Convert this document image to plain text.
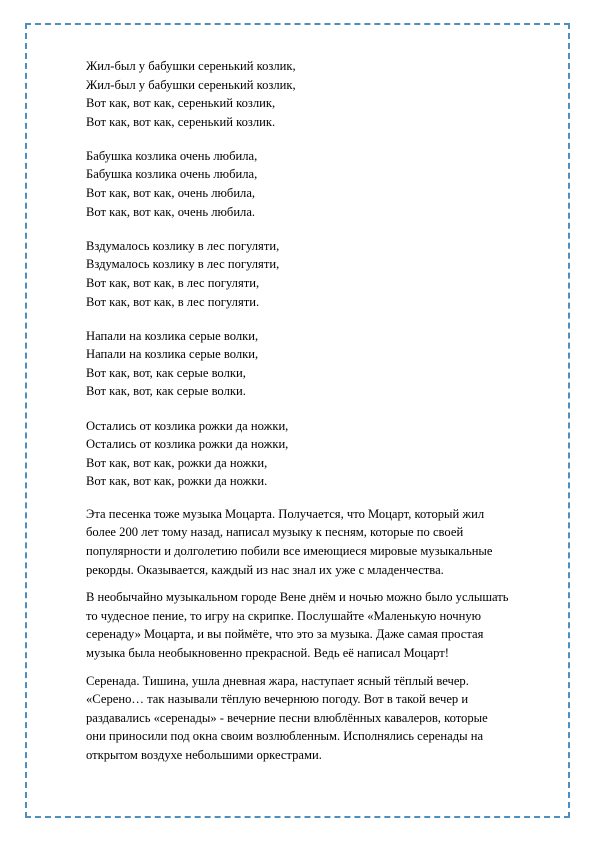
Жил-был у бабушки серенький козлик,
Жил-был у бабушки серенький козлик,
Вот как, вот как, серенький козлик,
Вот как, вот как, серенький козлик.
Бабушка козлика очень любила,
Бабушка козлика очень любила,
Вот как, вот как, очень любила,
Вот как, вот как, очень любила.
Вздумалось козлику в лес погуляти,
Вздумалось козлику в лес погуляти,
Вот как, вот как, в лес погуляти,
Вот как, вот как, в лес погуляти.
Напали на козлика серые волки,
Напали на козлика серые волки,
Вот как, вот, как серые волки,
Вот как, вот, как серые волки.
Остались от козлика рожки да ножки,
Остались от козлика рожки да ножки,
Вот как, вот как, рожки да ножки,
Вот как, вот как, рожки да ножки.
Эта песенка тоже музыка Моцарта. Получается, что Моцарт, который жил
более 200 лет тому назад, написал музыку к песням, которые по своей
популярности и долголетию побили все имеющиеся мировые музыкальные
рекорды. Оказывается, каждый из нас знал их уже с младенчества.
В необычайно музыкальном городе Вене днём и ночью можно было услышать
то чудесное пение, то игру на скрипке. Послушайте «Маленькую ночную
серенаду» Моцарта, и вы поймёте, что это за музыка. Даже самая простая
музыка была необыкновенно прекрасной. Ведь её написал Моцарт!
Серенада. Тишина, ушла дневная жара, наступает ясный тёплый вечер.
«Серено… так называли тёплую вечернюю погоду. Вот в такой вечер и
раздавались «серенады» - вечерние песни влюблённых кавалеров, которые
они приносили под окна своим возлюбленным. Исполнялись серенады на
открытом воздухе небольшими оркестрами.
